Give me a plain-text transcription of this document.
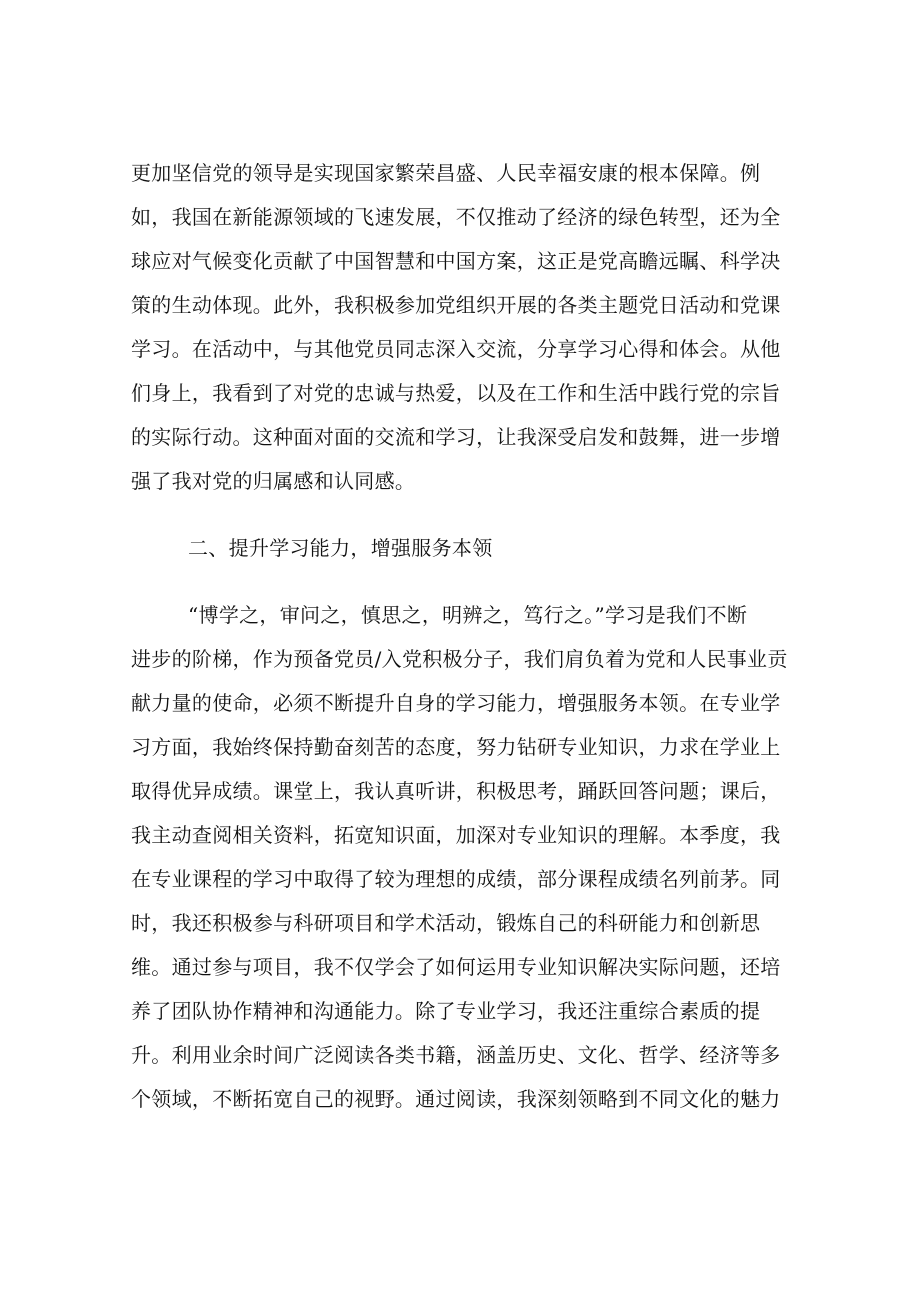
更加坚信党的领导是实现国家繁荣昌盛、人民幸福安康的根本保障。例
如，我国在新能源领域的飞速发展，不仅推动了经济的绿色转型，还为全
球应对气候变化贡献了中国智慧和中国方案，这正是党高瞻远瞩、科学决
策的生动体现。此外，我积极参加党组织开展的各类主题党日活动和党课
学习。在活动中，与其他党员同志深入交流，分享学习心得和体会。从他
们身上，我看到了对党的忠诚与热爱，以及在工作和生活中践行党的宗旨
的实际行动。这种面对面的交流和学习，让我深受启发和鼓舞，进一步增
强了我对党的归属感和认同感。
二、提升学习能力，增强服务本领
“博学之，审问之，慎思之，明辨之，笃行之。”学习是我们不断
进步的阶梯，作为预备党员/入党积极分子，我们肩负着为党和人民事业贡
献力量的使命，必须不断提升自身的学习能力，增强服务本领。在专业学
习方面，我始终保持勤奋刻苦的态度，努力钻研专业知识，力求在学业上
取得优异成绩。课堂上，我认真听讲，积极思考，踊跃回答问题；课后，
我主动查阅相关资料，拓宽知识面，加深对专业知识的理解。本季度，我
在专业课程的学习中取得了较为理想的成绩，部分课程成绩名列前茅。同
时，我还积极参与科研项目和学术活动，锻炼自己的科研能力和创新思
维。通过参与项目，我不仅学会了如何运用专业知识解决实际问题，还培
养了团队协作精神和沟通能力。除了专业学习，我还注重综合素质的提
升。利用业余时间广泛阅读各类书籍，涵盖历史、文化、哲学、经济等多
个领域，不断拓宽自己的视野。通过阅读，我深刻领略到不同文化的魅力
